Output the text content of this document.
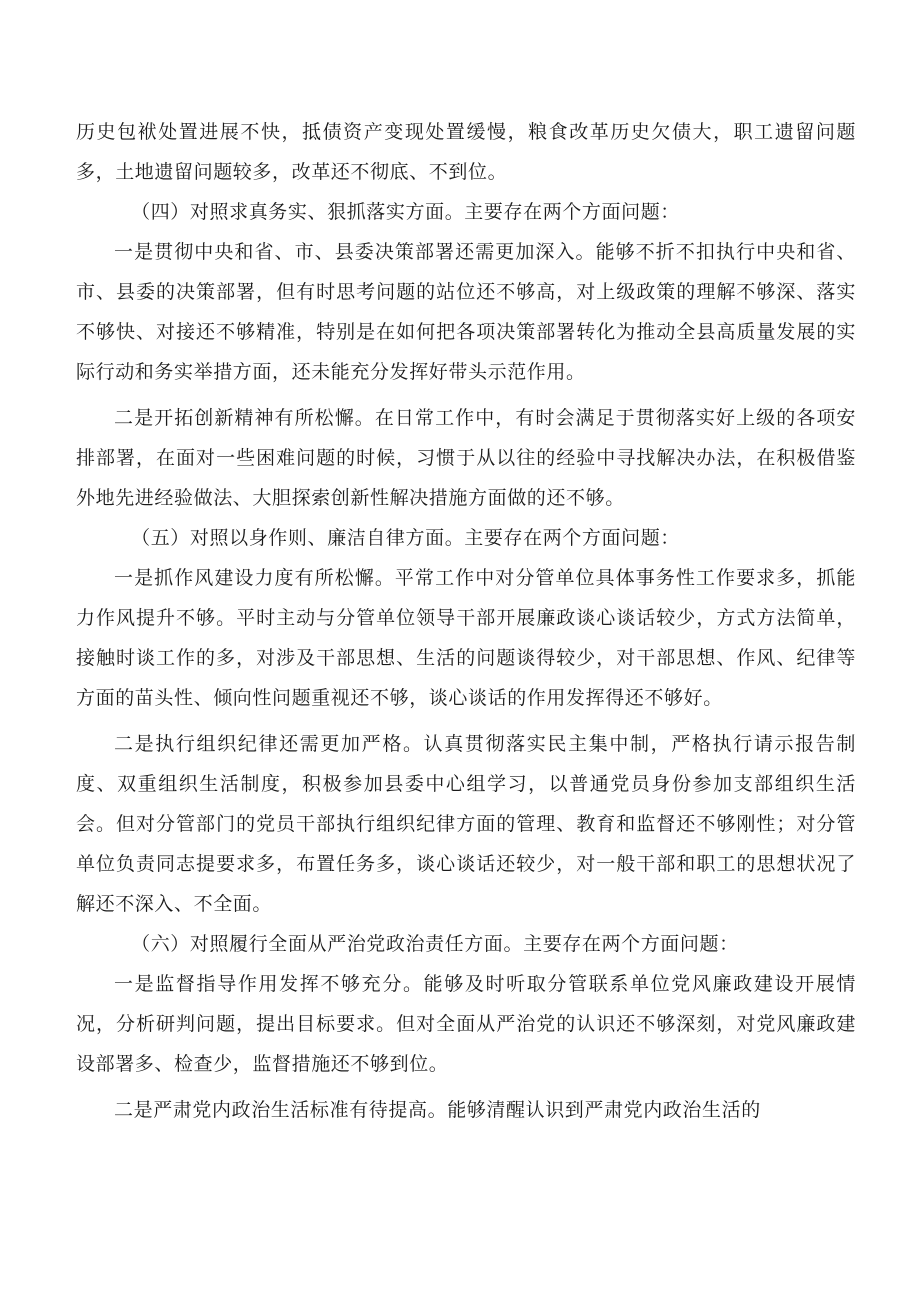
历史包袱处置进展不快，抵债资产变现处置缓慢，粮食改革历史欠债大，职工遗留问题多，土地遗留问题较多，改革还不彻底、不到位。

（四）对照求真务实、狠抓落实方面。主要存在两个方面问题：

一是贯彻中央和省、市、县委决策部署还需更加深入。能够不折不扣执行中央和省、市、县委的决策部署，但有时思考问题的站位还不够高，对上级政策的理解不够深、落实不够快、对接还不够精准，特别是在如何把各项决策部署转化为推动全县高质量发展的实际行动和务实举措方面，还未能充分发挥好带头示范作用。

二是开拓创新精神有所松懈。在日常工作中，有时会满足于贯彻落实好上级的各项安排部署，在面对一些困难问题的时候，习惯于从以往的经验中寻找解决办法，在积极借鉴外地先进经验做法、大胆探索创新性解决措施方面做的还不够。

（五）对照以身作则、廉洁自律方面。主要存在两个方面问题：

一是抓作风建设力度有所松懈。平常工作中对分管单位具体事务性工作要求多，抓能力作风提升不够。平时主动与分管单位领导干部开展廉政谈心谈话较少，方式方法简单，接触时谈工作的多，对涉及干部思想、生活的问题谈得较少，对干部思想、作风、纪律等方面的苗头性、倾向性问题重视还不够，谈心谈话的作用发挥得还不够好。

二是执行组织纪律还需更加严格。认真贯彻落实民主集中制，严格执行请示报告制度、双重组织生活制度，积极参加县委中心组学习，以普通党员身份参加支部组织生活会。但对分管部门的党员干部执行组织纪律方面的管理、教育和监督还不够刚性；对分管单位负责同志提要求多，布置任务多，谈心谈话还较少，对一般干部和职工的思想状况了解还不深入、不全面。

（六）对照履行全面从严治党政治责任方面。主要存在两个方面问题：

一是监督指导作用发挥不够充分。能够及时听取分管联系单位党风廉政建设开展情况，分析研判问题，提出目标要求。但对全面从严治党的认识还不够深刻，对党风廉政建设部署多、检查少，监督措施还不够到位。

二是严肃党内政治生活标准有待提高。能够清醒认识到严肃党内政治生活的
